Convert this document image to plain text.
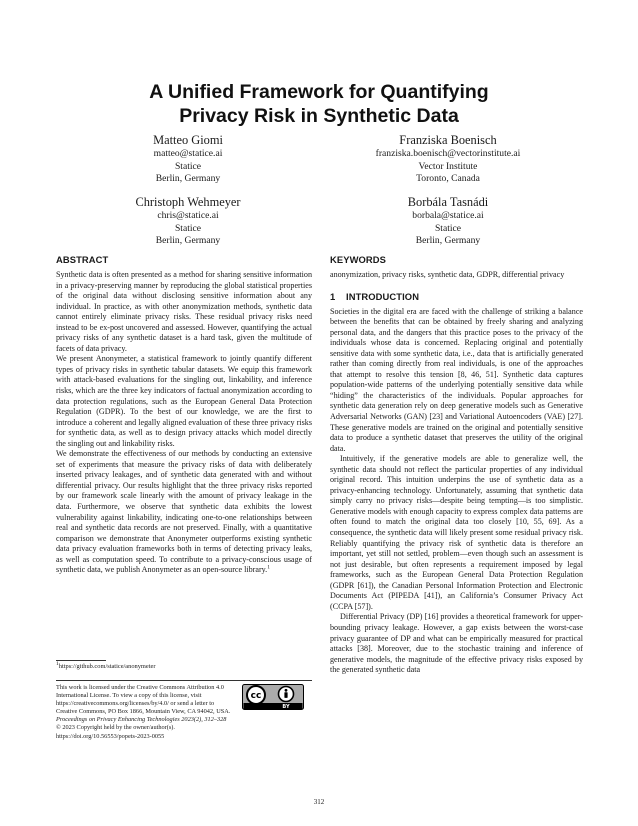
A Unified Framework for Quantifying
Privacy Risk in Synthetic Data
Matteo Giomi
matteo@statice.ai
Statice
Berlin, Germany
Franziska Boenisch
franziska.boenisch@vectorinstitute.ai
Vector Institute
Toronto, Canada
Christoph Wehmeyer
chris@statice.ai
Statice
Berlin, Germany
Borbála Tasnádi
borbala@statice.ai
Statice
Berlin, Germany
ABSTRACT

Synthetic data is often presented as a method for sharing sensitive information in a privacy-preserving manner by reproducing the global statistical properties of the original data without disclosing sensitive information about any individual. In practice, as with other anonymization methods, synthetic data cannot entirely eliminate privacy risks. These residual privacy risks need instead to be ex-post uncovered and assessed. However, quantifying the actual privacy risks of any synthetic dataset is a hard task, given the multitude of facets of data privacy.

We present Anonymeter, a statistical framework to jointly quantify different types of privacy risks in synthetic tabular datasets. We equip this framework with attack-based evaluations for the singling out, linkability, and inference risks, which are the three key indicators of factual anonymization according to data protection regulations, such as the European General Data Protection Regulation (GDPR). To the best of our knowledge, we are the first to introduce a coherent and legally aligned evaluation of these three privacy risks for synthetic data, as well as to design privacy attacks which model directly the singling out and linkability risks.

We demonstrate the effectiveness of our methods by conducting an extensive set of experiments that measure the privacy risks of data with deliberately inserted privacy leakages, and of synthetic data generated with and without differential privacy. Our results highlight that the three privacy risks reported by our framework scale linearly with the amount of privacy leakage in the data. Furthermore, we observe that synthetic data exhibits the lowest vulnerability against linkability, indicating one-to-one relationships between real and synthetic data records are not preserved. Finally, with a quantitative comparison we demonstrate that Anonymeter outperforms existing synthetic data privacy evaluation frameworks both in terms of detecting privacy leaks, as well as computation speed. To contribute to a privacy-conscious usage of synthetic data, we publish Anonymeter as an open-source library.$^1$

$^1$https://github.com/statice/anonymeter
This work is licensed under the Creative Commons Attribution 4.0 International License. To view a copy of this license, visit https://creativecommons.org/licenses/by/4.0/ or send a letter to Creative Commons, PO Box 1866, Mountain View, CA 94042, USA.
Proceedings on Privacy Enhancing Technologies 2023(2), 312–328
© 2023 Copyright held by the owner/author(s).
https://doi.org/10.56553/popets-2023-0055
cc
BY
KEYWORDS

anonymization, privacy risks, synthetic data, GDPR, differential privacy

1 INTRODUCTION

Societies in the digital era are faced with the challenge of striking a balance between the benefits that can be obtained by freely sharing and analyzing personal data, and the dangers that this practice poses to the privacy of the individuals whose data is concerned. Replacing original and potentially sensitive data with some synthetic data, i.e., data that is artificially generated rather than coming directly from real individuals, is one of the approaches that attempt to resolve this tension [8, 46, 51]. Synthetic data captures population-wide patterns of the underlying potentially sensitive data while “hiding” the characteristics of the individuals. Popular approaches for synthetic data generation rely on deep generative models such as Generative Adversarial Networks (GAN) [23] and Variational Autoencoders (VAE) [27]. These generative models are trained on the original and potentially sensitive data to produce a synthetic dataset that preserves the utility of the original data.

Intuitively, if the generative models are able to generalize well, the synthetic data should not reflect the particular properties of any individual original record. This intuition underpins the use of synthetic data as a privacy-enhancing technology. Unfortunately, assuming that synthetic data simply carry no privacy risks—despite being tempting—is too simplistic. Generative models with enough capacity to express complex data patterns are often found to match the original data too closely [10, 55, 69]. As a consequence, the synthetic data will likely present some residual privacy risk. Reliably quantifying the privacy risk of synthetic data is therefore an important, yet still not settled, problem—even though such an assessment is not just desirable, but often represents a requirement imposed by legal frameworks, such as the European General Data Protection Regulation (GDPR [61]), the Canadian Personal Information Protection and Electronic Documents Act (PIPEDA [41]), an California’s Consumer Privacy Act (CCPA [57]).

Differential Privacy (DP) [16] provides a theoretical framework for upper-bounding privacy leakage. However, a gap exists between the worst-case privacy guarantee of DP and what can be empirically measured for practical attacks [38]. Moreover, due to the stochastic training and inference of generative models, the magnitude of the effective privacy risks exposed by the generated synthetic data

312
